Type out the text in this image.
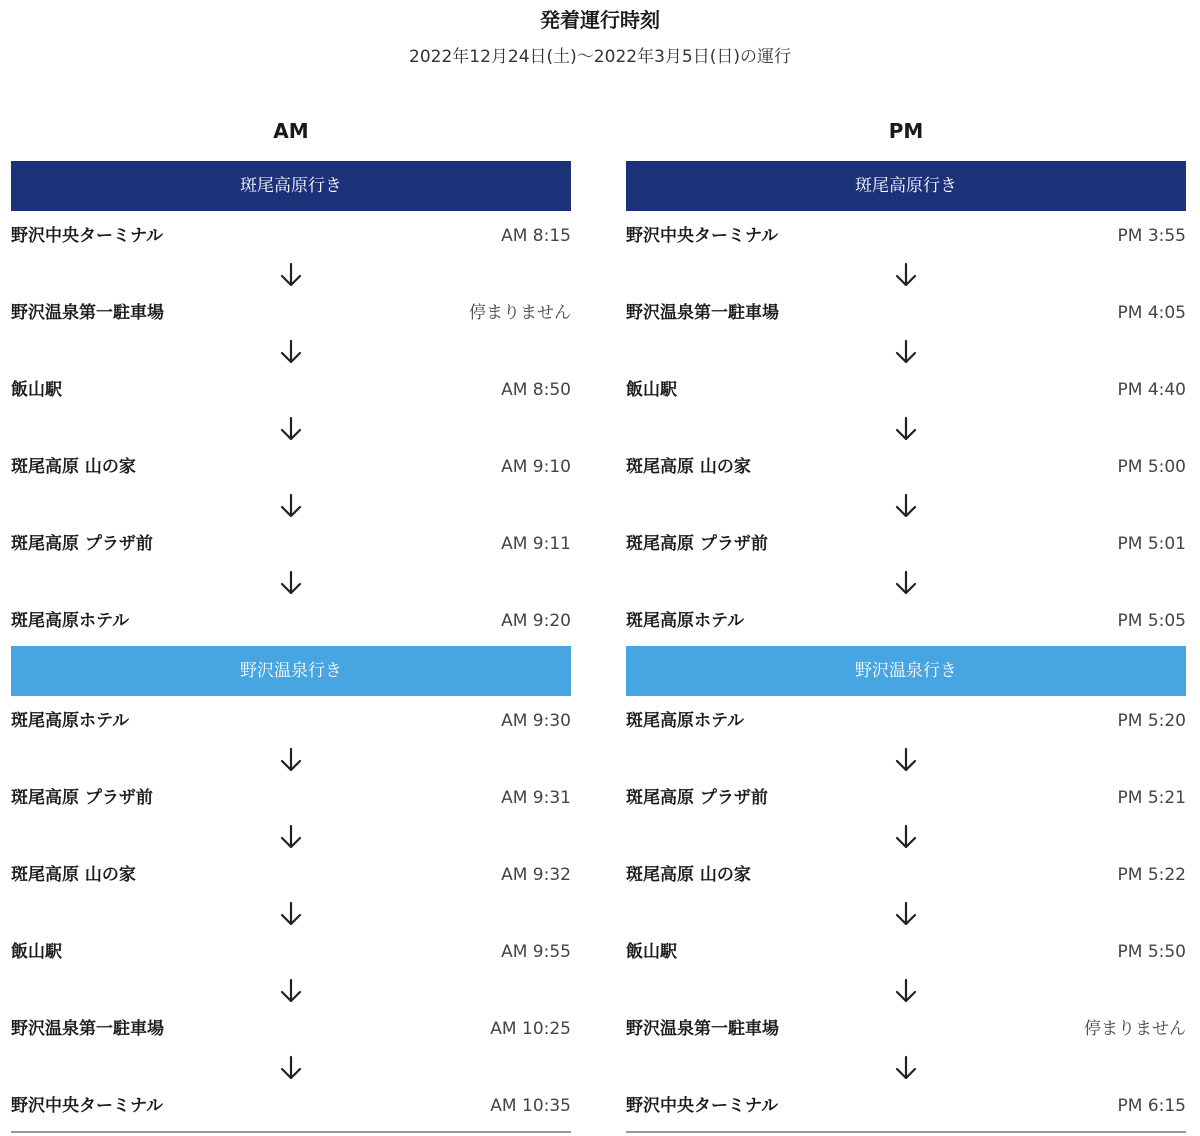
発着運行時刻
2022年12月24日(土)～2022年3月5日(日)の運行
AM
斑尾高原行き
野沢中央ターミナル	AM 8:15
野沢温泉第一駐車場	停まりません
飯山駅	AM 8:50
斑尾高原 山の家	AM 9:10
斑尾高原 プラザ前	AM 9:11
斑尾高原ホテル	AM 9:20
野沢温泉行き
斑尾高原ホテル	AM 9:30
斑尾高原 プラザ前	AM 9:31
斑尾高原 山の家	AM 9:32
飯山駅	AM 9:55
野沢温泉第一駐車場	AM 10:25
野沢中央ターミナル	AM 10:35
PM
斑尾高原行き
野沢中央ターミナル	PM 3:55
野沢温泉第一駐車場	PM 4:05
飯山駅	PM 4:40
斑尾高原 山の家	PM 5:00
斑尾高原 プラザ前	PM 5:01
斑尾高原ホテル	PM 5:05
野沢温泉行き
斑尾高原ホテル	PM 5:20
斑尾高原 プラザ前	PM 5:21
斑尾高原 山の家	PM 5:22
飯山駅	PM 5:50
野沢温泉第一駐車場	停まりません
野沢中央ターミナル	PM 6:15
